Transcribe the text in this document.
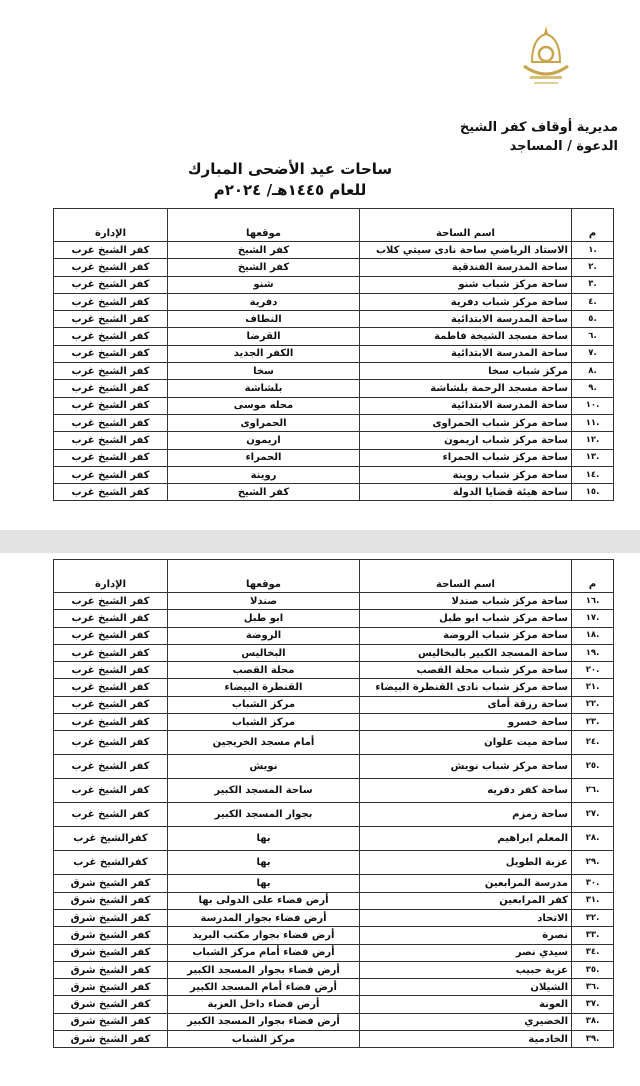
مديرية أوقاف كفر الشيخ
الدعوة / المساجد
ساحات عيد الأضحى المبارك
للعام ١٤٤٥هـ/ ٢٠٢٤م
م	اسم الساحة	موقعها	الإدارة
.١	الاستاد الرياضي ساحة نادى سيتي كلاب	كفر الشيخ	كفر الشيخ غرب
.٢	ساحة المدرسة الفندقية	كفر الشيخ	كفر الشيخ غرب
.٣	ساحة مركز شباب شنو	شنو	كفر الشيخ غرب
.٤	ساحة مركز شباب دفرية	دفرية	كفر الشيخ غرب
.٥	ساحة المدرسة الابتدائية	النطاف	كفر الشيخ غرب
.٦	ساحة مسجد الشيخة فاطمة	القرضا	كفر الشيخ غرب
.٧	ساحة المدرسة الابتدائية	الكفر الجديد	كفر الشيخ غرب
.٨	مركز شباب سخا	سخا	كفر الشيخ غرب
.٩	ساحة مسجد الرحمة بلشاشة	بلشاشة	كفر الشيخ غرب
.١٠	ساحة المدرسة الابتدائية	محله موسى	كفر الشيخ غرب
.١١	ساحة مركز شباب الحمراوى	الحمراوى	كفر الشيخ غرب
.١٢	ساحة مركز شباب اريمون	اريمون	كفر الشيخ غرب
.١٣	ساحة مركز شباب الحمراء	الحمراء	كفر الشيخ غرب
.١٤	ساحة مركز شباب روينة	روينة	كفر الشيخ غرب
.١٥	ساحة هيئة قضايا الدولة	كفر الشيخ	كفر الشيخ غرب
م	اسم الساحة	موقعها	الإدارة
.١٦	ساحة مركز شباب صندلا	صندلا	كفر الشيخ غرب
.١٧	ساحة مركز شباب ابو طبل	ابو طبل	كفر الشيخ غرب
.١٨	ساحة مركز شباب الروضة	الروضة	كفر الشيخ غرب
.١٩	ساحة المسجد الكبير بالبخاليس	البخاليس	كفر الشيخ غرب
.٢٠	ساحة مركز شباب محلة القصب	محلة القصب	كفر الشيخ غرب
.٢١	ساحة مركز شباب نادى القنطرة البيضاء	القنطرة البيضاء	كفر الشيخ غرب
.٢٢	ساحة رزقة أماى	مركز الشباب	كفر الشيخ غرب
.٢٣	ساحة خسرو	مركز الشباب	كفر الشيخ غرب
.٢٤	ساحة ميت علوان	أمام مسجد الخريجين	كفر الشيخ غرب
.٢٥	ساحة مركز شباب نويش	نويش	كفر الشيخ غرب
.٢٦	ساحة كفر دفريه	ساحة المسجد الكبير	كفر الشيخ غرب
.٢٧	ساحة زمزم	بجوار المسجد الكبير	كفر الشيخ غرب
.٢٨	المعلم ابراهيم	بها	كفرالشيخ غرب
.٢٩	عزبة الطويل	بها	كفرالشيخ غرب
.٣٠	مدرسة المرابعين	بها	كفر الشيخ شرق
.٣١	كفر المرابعين	أرض فضاء على الدولى بها	كفر الشيخ شرق
.٣٢	الاتحاد	أرض فضاء بجوار المدرسة	كفر الشيخ شرق
.٣٣	نصرة	أرض فضاء بجوار مكتب البريد	كفر الشيخ شرق
.٣٤	سيدي نصر	أرض فضاء أمام مركز الشباب	كفر الشيخ شرق
.٣٥	عزبة حبيب	أرض فضاء بجوار المسجد الكبير	كفر الشيخ شرق
.٣٦	الشيلان	أرض فضاء أمام المسجد الكبير	كفر الشيخ شرق
.٣٧	العونة	أرض فضاء داخل العزبة	كفر الشيخ شرق
.٣٨	الخضيري	أرض فضاء بجوار المسجد الكبير	كفر الشيخ شرق
.٣٩	الخادمية	مركز الشباب	كفر الشيخ شرق
